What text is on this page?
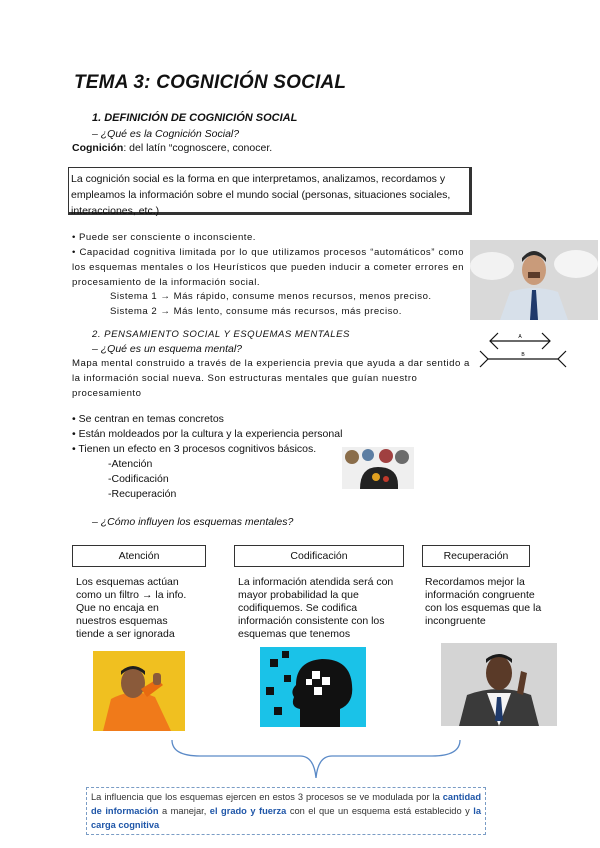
TEMA 3: COGNICIÓN SOCIAL
1. DEFINICIÓN DE COGNICIÓN SOCIAL
– ¿Qué es la Cognición Social?
Cognición: del latín “cognoscere, conocer.
La cognición social es la forma en que interpretamos, analizamos, recordamos y empleamos la información sobre el mundo social (personas, situaciones sociales, interacciones, etc.)
• Puede ser consciente o inconsciente.
• Capacidad cognitiva limitada por lo que utilizamos procesos “automáticos” como los esquemas mentales o los Heurísticos que pueden inducir a cometer errores en procesamiento de la información social.
Sistema 1 → Más rápido, consume menos recursos, menos preciso.
Sistema 2 → Más lento, consume más recursos, más preciso.
2. PENSAMIENTO SOCIAL Y ESQUEMAS MENTALES
– ¿Qué es un esquema mental?
Mapa mental construido a través de la experiencia previa que ayuda a dar sentido a la información social nueva. Son estructuras mentales que guían nuestro procesamiento
A
B
• Se centran en temas concretos
• Están moldeados por la cultura y la experiencia personal
• Tienen un efecto en 3 procesos cognitivos básicos.
-Atención
-Codificación
-Recuperación
– ¿Cómo influyen los esquemas mentales?
Atención	Codificación	Recuperación
Los esquemas actúan como un filtro → la info. Que no encaja en nuestros esquemas tiende a ser ignorada
La información atendida será con mayor probabilidad la que codifiquemos. Se codifica información consistente con los esquemas que tenemos
Recordamos mejor la información congruente con los esquemas que la incongruente
La influencia que los esquemas ejercen en estos 3 procesos se ve modulada por la cantidad de información a manejar, el grado y fuerza con el que un esquema está establecido y la carga cognitiva
